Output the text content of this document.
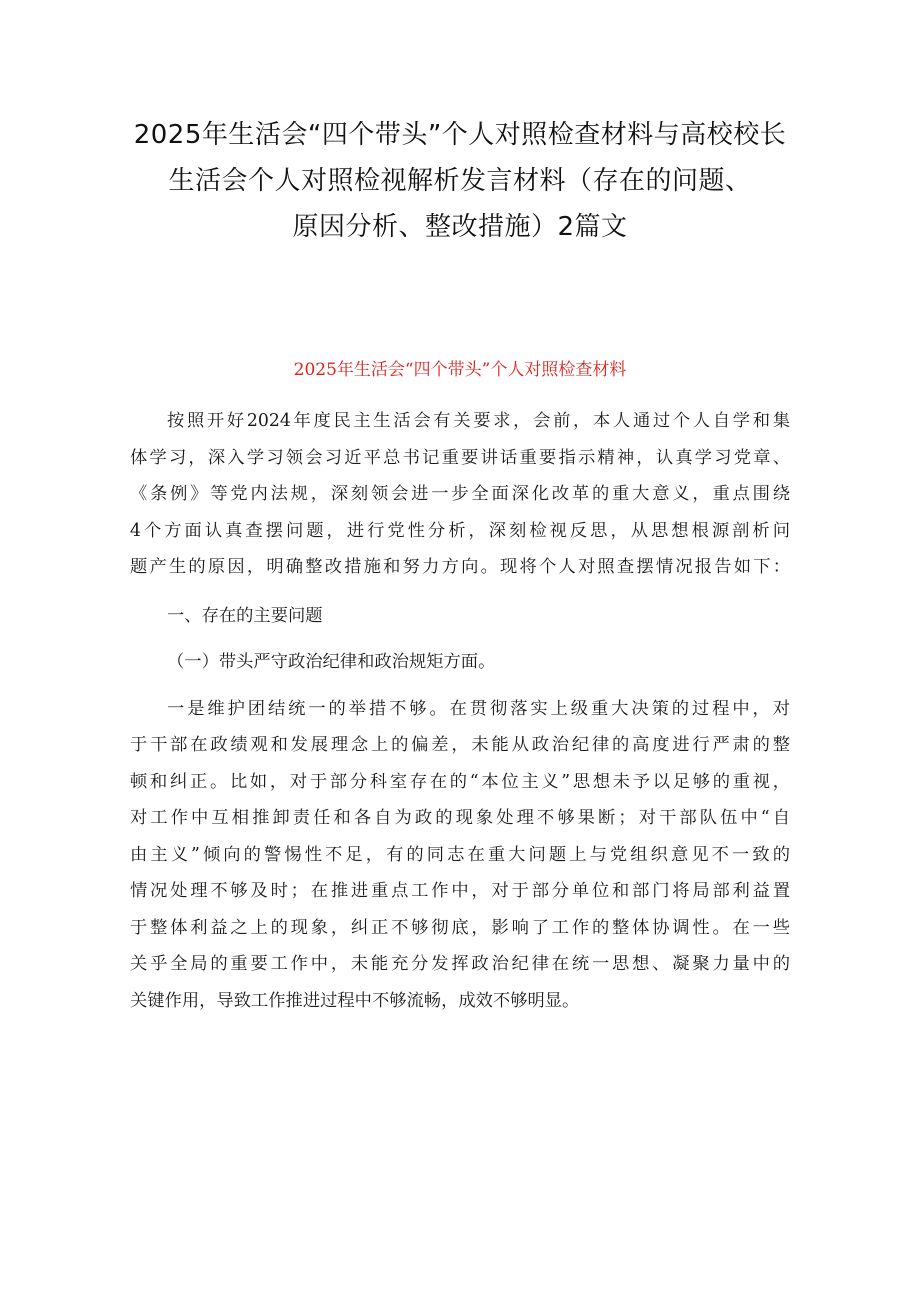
2025年生活会“四个带头”个人对照检查材料与高校校长
生活会个人对照检视解析发言材料（存在的问题、
原因分析、整改措施）2篇文
2025年生活会“四个带头”个人对照检查材料
按照开好2024年度民主生活会有关要求，会前，本人通过个人自学和集
体学习，深入学习领会习近平总书记重要讲话重要指示精神，认真学习党章、
《条例》等党内法规，深刻领会进一步全面深化改革的重大意义，重点围绕
4个方面认真查摆问题，进行党性分析，深刻检视反思，从思想根源剖析问
题产生的原因，明确整改措施和努力方向。现将个人对照查摆情况报告如下：
一、存在的主要问题
（一）带头严守政治纪律和政治规矩方面。
一是维护团结统一的举措不够。在贯彻落实上级重大决策的过程中，对
于干部在政绩观和发展理念上的偏差，未能从政治纪律的高度进行严肃的整
顿和纠正。比如，对于部分科室存在的“本位主义”思想未予以足够的重视，
对工作中互相推卸责任和各自为政的现象处理不够果断；对干部队伍中“自
由主义”倾向的警惕性不足，有的同志在重大问题上与党组织意见不一致的
情况处理不够及时；在推进重点工作中，对于部分单位和部门将局部利益置
于整体利益之上的现象，纠正不够彻底，影响了工作的整体协调性。在一些
关乎全局的重要工作中，未能充分发挥政治纪律在统一思想、凝聚力量中的
关键作用，导致工作推进过程中不够流畅，成效不够明显。
